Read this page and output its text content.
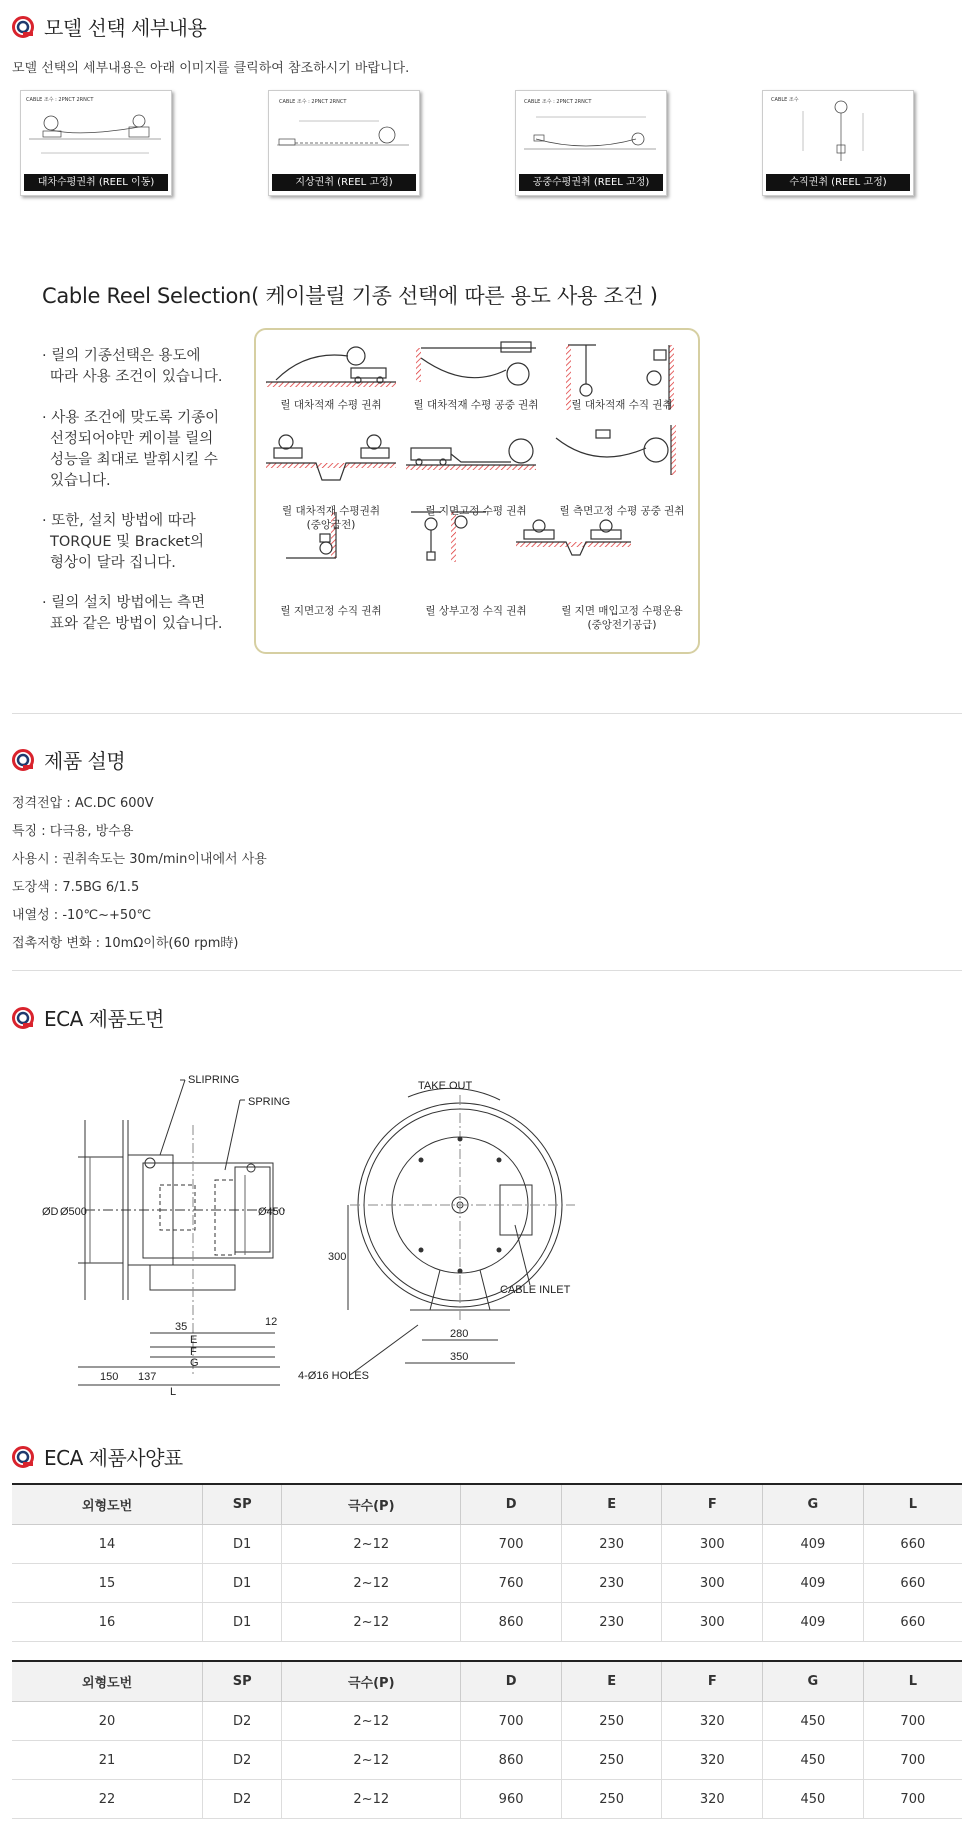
모델 선택 세부내용
모델 선택의 세부내용은 아래 이미지를 클릭하여 참조하시기 바랍니다.
CABLE 조수 : 2PNCT 2RNCT
대차수평권취 (REEL 이동)
CABLE 조수 : 2PNCT 2RNCT
지상권취 (REEL 고정)
CABLE 조수 : 2PNCT 2RNCT
공중수평권취 (REEL 고정)
CABLE 조수
수직권취 (REEL 고정)
Cable Reel Selection( 케이블릴 기종 선택에 따른 용도 사용 조건 )
· 릴의 기종선택은 용도에
따라 사용 조건이 있습니다.
· 사용 조건에 맞도록 기종이
선정되어야만 케이블 릴의
성능을 최대로 발휘시킬 수
있습니다.
· 또한, 설치 방법에 따라
TORQUE 및 Bracket의
형상이 달라 집니다.
· 릴의 설치 방법에는 측면
표와 같은 방법이 있습니다.
릴 대차적재 수평 권취	릴 대차적재 수평 공중 권취	릴 대차적재 수직 권취
릴 대차적재 수평권취
(중앙급전)
릴 지면고정 수평 권취	릴 측면고정 수평 공중 권취
릴 지면고정 수직 권취	릴 상부고정 수직 권취	릴 지면 매입고정 수평운용
(중앙전기공급)
제품 설명
정격전압 : AC.DC 600V
특징 : 다극용, 방수용
사용시 : 권취속도는 30m/min이내에서 사용
도장색 : 7.5BG 6/1.5
내열성 : -10℃~+50℃
접촉저항 변화 : 10mΩ이하(60 rpm時)
ECA 제품도면
SLIPRING
SPRING
TAKE OUT
CABLE INLET
4-Ø16 HOLES
ØD Ø500	Ø450
300
35
E
F
G
150 137
L
12
280
350
ECA 제품사양표
외형도번	SP	극수(P)	D	E	F	G	L
14	D1	2~12	700	230	300	409	660
15	D1	2~12	760	230	300	409	660
16	D1	2~12	860	230	300	409	660
외형도번	SP	극수(P)	D	E	F	G	L
20	D2	2~12	700	250	320	450	700
21	D2	2~12	860	250	320	450	700
22	D2	2~12	960	250	320	450	700
